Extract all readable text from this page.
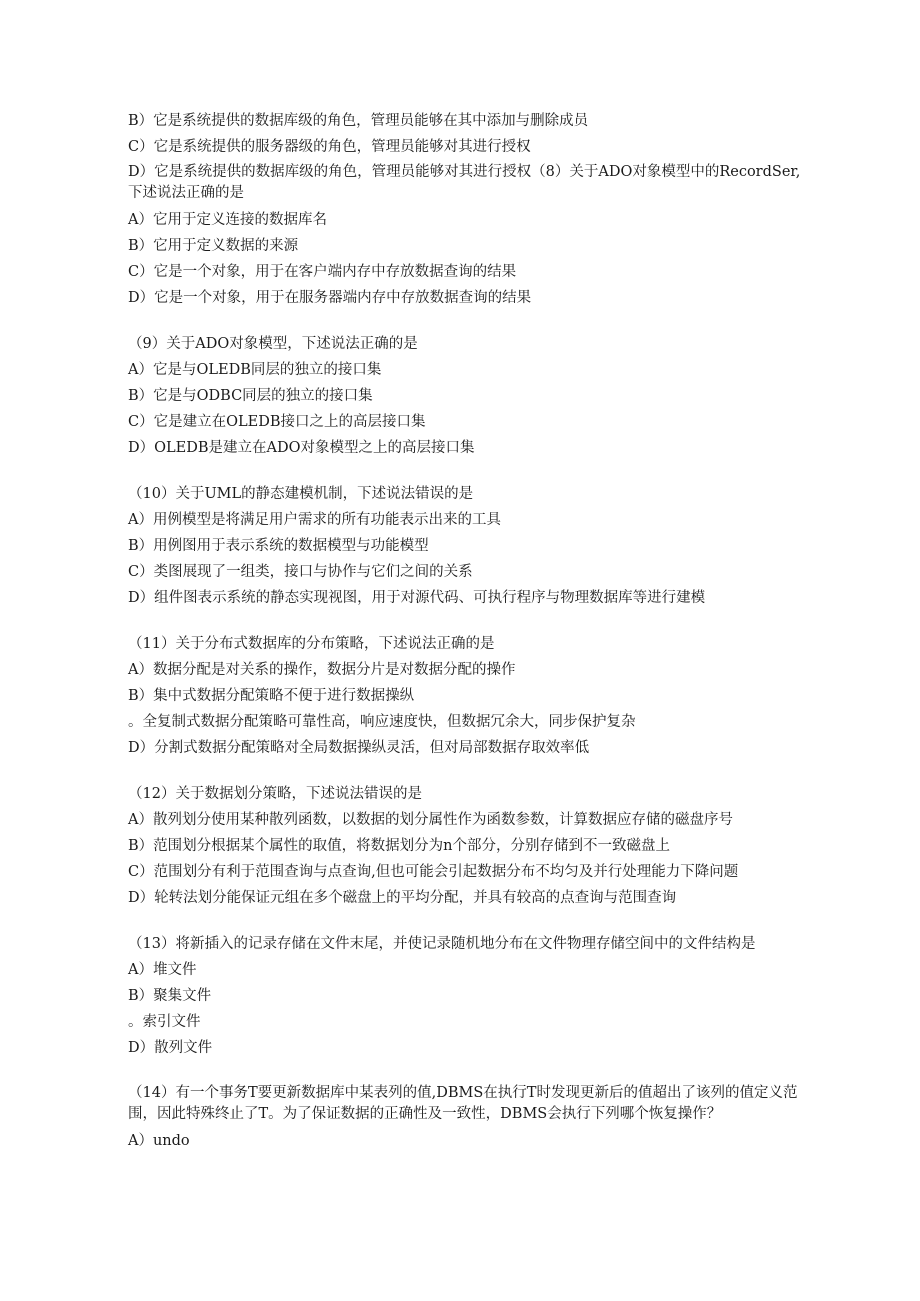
B）它是系统提供的数据库级的角色，管理员能够在其中添加与删除成员
C）它是系统提供的服务器级的角色，管理员能够对其进行授权
D）它是系统提供的数据库级的角色，管理员能够对其进行授权（8）关于ADO对象模型中的RecordSer,下述说法正确的是
A）它用于定义连接的数据库名
B）它用于定义数据的来源
C）它是一个对象，用于在客户端内存中存放数据查询的结果
D）它是一个对象，用于在服务器端内存中存放数据查询的结果
（9）关于ADO对象模型，下述说法正确的是
A）它是与OLEDB同层的独立的接口集
B）它是与ODBC同层的独立的接口集
C）它是建立在OLEDB接口之上的高层接口集
D）OLEDB是建立在ADO对象模型之上的高层接口集
（10）关于UML的静态建模机制，下述说法错误的是
A）用例模型是将满足用户需求的所有功能表示出来的工具
B）用例图用于表示系统的数据模型与功能模型
C）类图展现了一组类，接口与协作与它们之间的关系
D）组件图表示系统的静态实现视图，用于对源代码、可执行程序与物理数据库等进行建模
（11）关于分布式数据库的分布策略，下述说法正确的是
A）数据分配是对关系的操作，数据分片是对数据分配的操作
B）集中式数据分配策略不便于进行数据操纵
。全复制式数据分配策略可靠性高，响应速度快，但数据冗余大，同步保护复杂
D）分割式数据分配策略对全局数据操纵灵活，但对局部数据存取效率低
（12）关于数据划分策略，下述说法错误的是
A）散列划分使用某种散列函数，以数据的划分属性作为函数参数，计算数据应存储的磁盘序号
B）范围划分根据某个属性的取值，将数据划分为n个部分，分别存储到不一致磁盘上
C）范围划分有利于范围查询与点查询,但也可能会引起数据分布不均匀及并行处理能力下降问题
D）轮转法划分能保证元组在多个磁盘上的平均分配，并具有较高的点查询与范围查询
（13）将新插入的记录存储在文件末尾，并使记录随机地分布在文件物理存储空间中的文件结构是
A）堆文件
B）聚集文件
。索引文件
D）散列文件
（14）有一个事务T要更新数据库中某表列的值,DBMS在执行T时发现更新后的值超出了该列的值定义范围，因此特殊终止了T。为了保证数据的正确性及一致性，DBMS会执行下列哪个恢复操作？
A）undo
